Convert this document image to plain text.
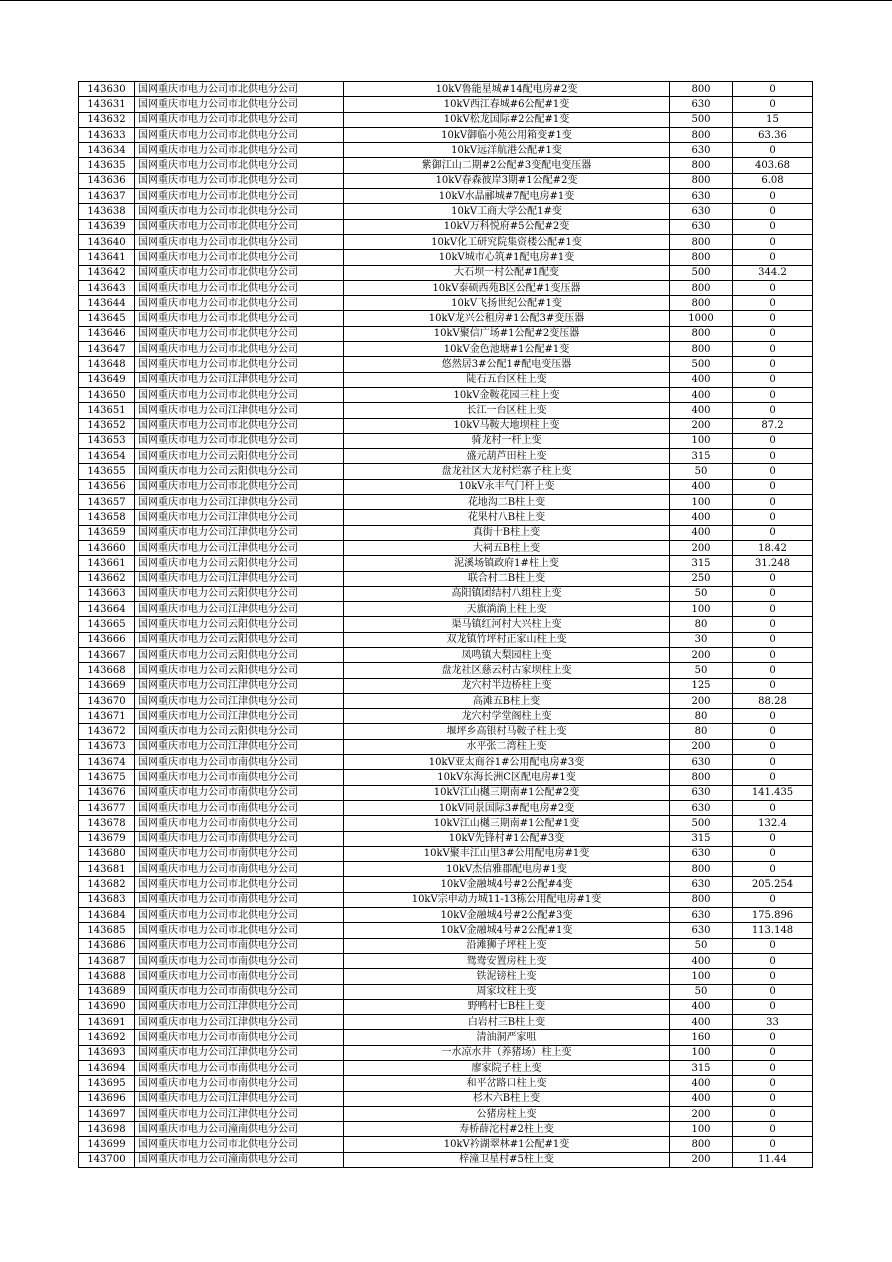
143630	国网重庆市电力公司市北供电分公司	10kV鲁能星城#14配电房#2变	800	0
143631	国网重庆市电力公司市北供电分公司	10kV西江春城#6公配#1变	630	0
143632	国网重庆市电力公司市北供电分公司	10kV松龙国际#2公配#1变	500	15
143633	国网重庆市电力公司市北供电分公司	10kV御临小苑公用箱变#1变	800	63.36
143634	国网重庆市电力公司市北供电分公司	10kV远洋航港公配#1变	630	0
143635	国网重庆市电力公司市北供电分公司	紫御江山二期#2公配#3变配电变压器	800	403.68
143636	国网重庆市电力公司市北供电分公司	10kV春森彼岸3期#1公配#2变	800	6.08
143637	国网重庆市电力公司市北供电分公司	10kV水晶郦城#7配电房#1变	630	0
143638	国网重庆市电力公司市北供电分公司	10kV工商大学公配1#变	630	0
143639	国网重庆市电力公司市北供电分公司	10kV万科悦府#5公配#2变	630	0
143640	国网重庆市电力公司市北供电分公司	10kV化工研究院集资楼公配#1变	800	0
143641	国网重庆市电力公司市北供电分公司	10kV城市心筑#1配电房#1变	800	0
143642	国网重庆市电力公司市北供电分公司	大石坝一村公配#1配变	500	344.2
143643	国网重庆市电力公司市北供电分公司	10kV泰硕西苑B区公配#1变压器	800	0
143644	国网重庆市电力公司市北供电分公司	10kV飞扬世纪公配#1变	800	0
143645	国网重庆市电力公司市北供电分公司	10kV龙兴公租房#1公配3#变压器	1000	0
143646	国网重庆市电力公司市北供电分公司	10kV聚信广场#1公配#2变压器	800	0
143647	国网重庆市电力公司市北供电分公司	10kV金色池塘#1公配#1变	800	0
143648	国网重庆市电力公司市北供电分公司	悠然居3#公配1#配电变压器	500	0
143649	国网重庆市电力公司江津供电分公司	陡石五台区柱上变	400	0
143650	国网重庆市电力公司市北供电分公司	10kV金鞍花园三柱上变	400	0
143651	国网重庆市电力公司江津供电分公司	长江一台区柱上变	400	0
143652	国网重庆市电力公司市北供电分公司	10kV马鞍大地坝柱上变	200	87.2
143653	国网重庆市电力公司市北供电分公司	骑龙村一杆上变	100	0
143654	国网重庆市电力公司云阳供电分公司	盛元葫芦田柱上变	315	0
143655	国网重庆市电力公司云阳供电分公司	盘龙社区大龙村烂寨子柱上变	50	0
143656	国网重庆市电力公司市北供电分公司	10kV永丰气门杆上变	400	0
143657	国网重庆市电力公司江津供电分公司	花地沟二B柱上变	100	0
143658	国网重庆市电力公司江津供电分公司	花果村八B柱上变	400	0
143659	国网重庆市电力公司江津供电分公司	真街十B柱上变	400	0
143660	国网重庆市电力公司江津供电分公司	大祠五B柱上变	200	18.42
143661	国网重庆市电力公司云阳供电分公司	泥溪场镇政府1#柱上变	315	31.248
143662	国网重庆市电力公司江津供电分公司	联合村二B柱上变	250	0
143663	国网重庆市电力公司云阳供电分公司	高阳镇团结村八组柱上变	50	0
143664	国网重庆市电力公司江津供电分公司	天旗淌淌上柱上变	100	0
143665	国网重庆市电力公司云阳供电分公司	渠马镇红河村大兴柱上变	80	0
143666	国网重庆市电力公司云阳供电分公司	双龙镇竹坪村正家山柱上变	30	0
143667	国网重庆市电力公司云阳供电分公司	凤鸣镇大梨园柱上变	200	0
143668	国网重庆市电力公司云阳供电分公司	盘龙社区慈云村古家坝柱上变	50	0
143669	国网重庆市电力公司江津供电分公司	龙穴村半边桥柱上变	125	0
143670	国网重庆市电力公司江津供电分公司	高滩五B柱上变	200	88.28
143671	国网重庆市电力公司江津供电分公司	龙穴村学堂阁柱上变	80	0
143672	国网重庆市电力公司云阳供电分公司	堰坪乡高银村马鞍子柱上变	80	0
143673	国网重庆市电力公司江津供电分公司	水平张二湾柱上变	200	0
143674	国网重庆市电力公司市南供电分公司	10kV亚太商谷1#公用配电房#3变	630	0
143675	国网重庆市电力公司市南供电分公司	10kV东海长洲C区配电房#1变	800	0
143676	国网重庆市电力公司市南供电分公司	10kV江山樾三期南#1公配#2变	630	141.435
143677	国网重庆市电力公司市南供电分公司	10kV同景国际3#配电房#2变	630	0
143678	国网重庆市电力公司市南供电分公司	10kV江山樾三期南#1公配#1变	500	132.4
143679	国网重庆市电力公司市南供电分公司	10kV先锋村#1公配#3变	315	0
143680	国网重庆市电力公司市南供电分公司	10kV聚丰江山里3#公用配电房#1变	630	0
143681	国网重庆市电力公司市南供电分公司	10kV杰信雅郡配电房#1变	800	0
143682	国网重庆市电力公司市北供电分公司	10kV金融城4号#2公配#4变	630	205.254
143683	国网重庆市电力公司市南供电分公司	10kV宗申动力城11-13栋公用配电房#1变	800	0
143684	国网重庆市电力公司市北供电分公司	10kV金融城4号#2公配#3变	630	175.896
143685	国网重庆市电力公司市北供电分公司	10kV金融城4号#2公配#1变	630	113.148
143686	国网重庆市电力公司市南供电分公司	沿滩狮子坪柱上变	50	0
143687	国网重庆市电力公司市南供电分公司	鸳鸯安置房柱上变	400	0
143688	国网重庆市电力公司市南供电分公司	铁泥镑柱上变	100	0
143689	国网重庆市电力公司市南供电分公司	周家坟柱上变	50	0
143690	国网重庆市电力公司江津供电分公司	野鸭村七B柱上变	400	0
143691	国网重庆市电力公司江津供电分公司	白岩村三B柱上变	400	33
143692	国网重庆市电力公司市南供电分公司	清油洞严家咀	160	0
143693	国网重庆市电力公司江津供电分公司	一水凉水井（养猪场）柱上变	100	0
143694	国网重庆市电力公司市南供电分公司	廖家院子柱上变	315	0
143695	国网重庆市电力公司市南供电分公司	和平岔路口柱上变	400	0
143696	国网重庆市电力公司江津供电分公司	杉木六B柱上变	400	0
143697	国网重庆市电力公司江津供电分公司	公猪房柱上变	200	0
143698	国网重庆市电力公司潼南供电分公司	寿桥薛沱村#2柱上变	100	0
143699	国网重庆市电力公司市北供电分公司	10kV衿湖翠林#1公配#1变	800	0
143700	国网重庆市电力公司潼南供电分公司	梓潼卫星村#5柱上变	200	11.44
